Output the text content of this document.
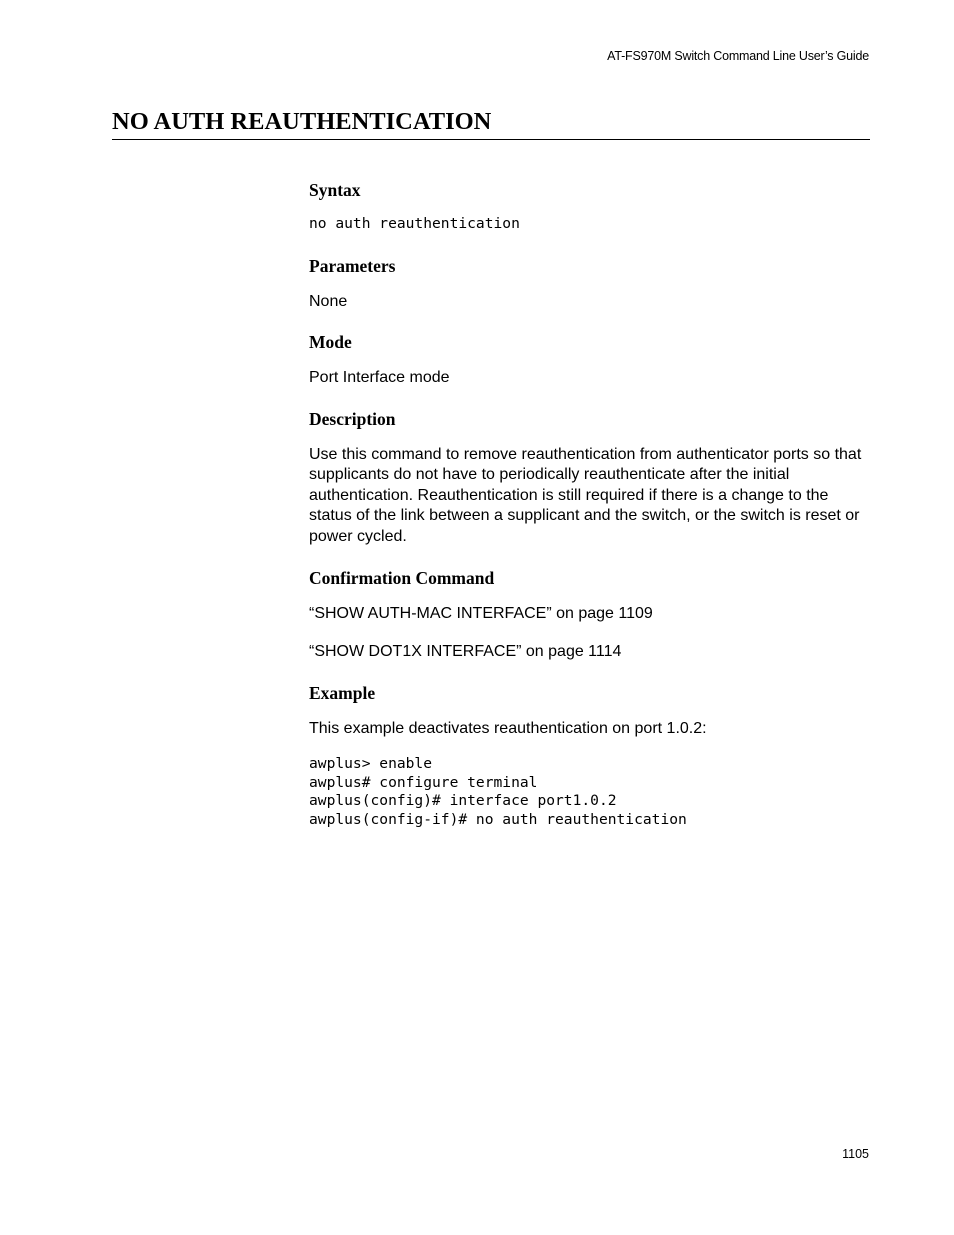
AT-FS970M Switch Command Line User’s Guide
NO AUTH REAUTHENTICATION
Syntax

no auth reauthentication

Parameters

None

Mode

Port Interface mode

Description

Use this command to remove reauthentication from authenticator ports so that supplicants do not have to periodically reauthenticate after the initial authentication. Reauthentication is still required if there is a change to the status of the link between a supplicant and the switch, or the switch is reset or power cycled.

Confirmation Command

“SHOW AUTH-MAC INTERFACE” on page 1109

“SHOW DOT1X INTERFACE” on page 1114

Example

This example deactivates reauthentication on port 1.0.2:

awplus> enable

awplus# configure terminal

awplus(config)# interface port1.0.2

awplus(config-if)# no auth reauthentication

1105
